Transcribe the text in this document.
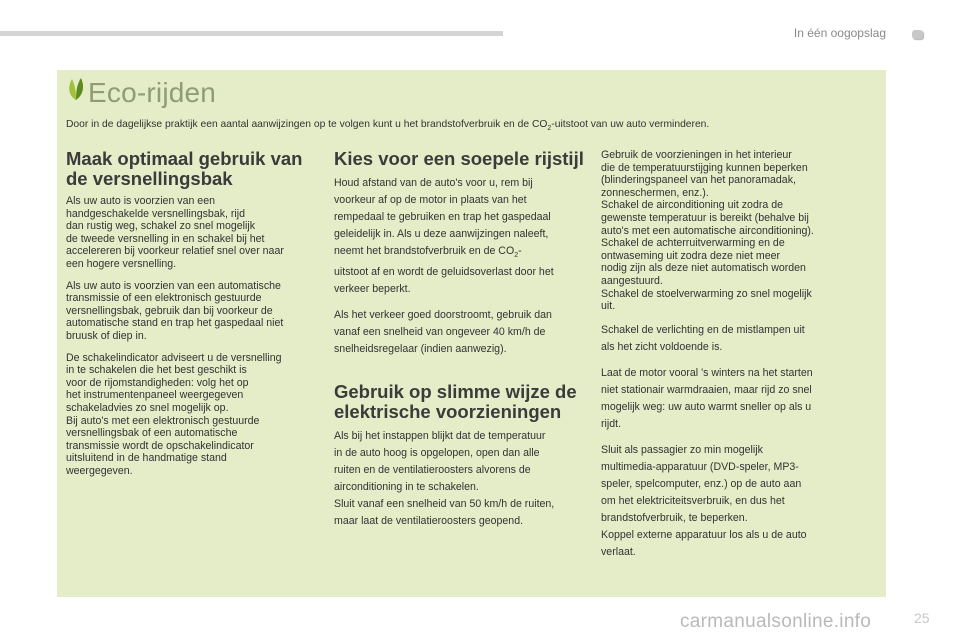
In één oogopslag
Eco-rijden
Door in de dagelijkse praktijk een aantal aanwijzingen op te volgen kunt u het brandstofverbruik en de $CO_2$-uitstoot van uw auto verminderen.
Maak optimaal gebruik van de versnellingsbak

Als uw auto is voorzien van een
handgeschakelde versnellingsbak, rijd
dan rustig weg, schakel zo snel mogelijk
de tweede versnelling in en schakel bij het
accelereren bij voorkeur relatief snel over naar
een hogere versnelling.

Als uw auto is voorzien van een automatische
transmissie of een elektronisch gestuurde
versnellingsbak, gebruik dan bij voorkeur de
automatische stand en trap het gaspedaal niet
bruusk of diep in.

De schakelindicator adviseert u de versnelling
in te schakelen die het best geschikt is
voor de rijomstandigheden: volg het op
het instrumentenpaneel weergegeven
schakeladvies zo snel mogelijk op.
Bij auto's met een elektronisch gestuurde
versnellingsbak of een automatische
transmissie wordt de opschakelindicator
uitsluitend in de handmatige stand
weergegeven.

Kies voor een soepele rijstijl

Houd afstand van de auto's voor u, rem bij
voorkeur af op de motor in plaats van het
rempedaal te gebruiken en trap het gaspedaal
geleidelijk in. Als u deze aanwijzingen naleeft,
neemt het brandstofverbruik en de $CO_2-$
uitstoot af en wordt de geluidsoverlast door het
verkeer beperkt.

Als het verkeer goed doorstroomt, gebruik dan
vanaf een snelheid van ongeveer 40 km/h de
snelheidsregelaar (indien aanwezig).

Gebruik op slimme wijze de elektrische voorzieningen

Als bij het instappen blijkt dat de temperatuur
in de auto hoog is opgelopen, open dan alle
ruiten en de ventilatieroosters alvorens de
airconditioning in te schakelen.
Sluit vanaf een snelheid van 50 km/h de ruiten,
maar laat de ventilatieroosters geopend.

Gebruik de voorzieningen in het interieur
die de temperatuurstijging kunnen beperken
(blinderingspaneel van het panoramadak,
zonneschermen, enz.).
Schakel de airconditioning uit zodra de
gewenste temperatuur is bereikt (behalve bij
auto's met een automatische airconditioning).
Schakel de achterruitverwarming en de
ontwaseming uit zodra deze niet meer
nodig zijn als deze niet automatisch worden
aangestuurd.
Schakel de stoelverwarming zo snel mogelijk
uit.

Schakel de verlichting en de mistlampen uit
als het zicht voldoende is.

Laat de motor vooral 's winters na het starten
niet stationair warmdraaien, maar rijd zo snel
mogelijk weg: uw auto warmt sneller op als u
rijdt.

Sluit als passagier zo min mogelijk
multimedia-apparatuur (DVD-speler, MP3-
speler, spelcomputer, enz.) op de auto aan
om het elektriciteitsverbruik, en dus het
brandstofverbruik, te beperken.
Koppel externe apparatuur los als u de auto
verlaat.

carmanualsonline.info	25
